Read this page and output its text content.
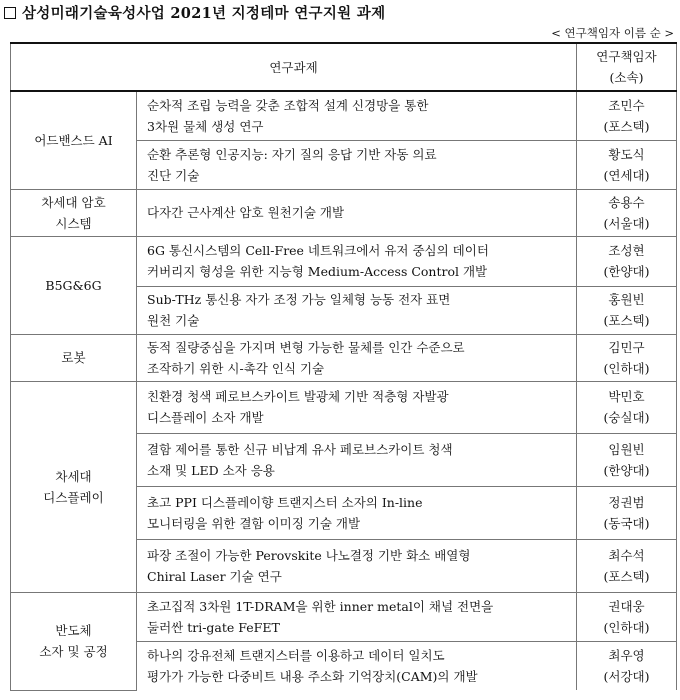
삼성미래기술육성사업 2021년 지정테마 연구지원 과제
< 연구책임자 이름 순 >
연구과제		연구책임자
(소속)

어드밴스드 AI	순차적 조립 능력을 갖춘 조합적 설계 신경망을 통한
3차원 물체 생성 연구	조민수
(포스텍)

	순환 추론형 인공지능: 자기 질의 응답 기반 자동 의료
진단 기술	황도식
(연세대)

차세대 암호
시스템	다자간 근사계산 암호 원천기술 개발	송용수
(서울대)

B5G&6G	6G 통신시스템의 Cell-Free 네트워크에서 유저 중심의 데이터
커버리지 형성을 위한 지능형 Medium-Access Control 개발	조성현
(한양대)

	Sub-THz 통신용 자가 조정 가능 일체형 능동 전자 표면
원천 기술	홍원빈
(포스텍)

로봇	동적 질량중심을 가지며 변형 가능한 물체를 인간 수준으로
조작하기 위한 시-촉각 인식 기술	김민구
(인하대)

차세대
디스플레이	친환경 청색 페로브스카이트 발광체 기반 적층형 자발광
디스플레이 소자 개발	박민호
(숭실대)

	결함 제어를 통한 신규 비납계 유사 페로브스카이트 청색
소재 및 LED 소자 응용	임원빈
(한양대)

	초고 PPI 디스플레이향 트랜지스터 소자의 In-line
모니터링을 위한 결함 이미징 기술 개발	정권범
(동국대)

	파장 조절이 가능한 Perovskite 나노결정 기반 화소 배열형
Chiral Laser 기술 연구	최수석
(포스텍)

반도체
소자 및 공정	초고집적 3차원 1T-DRAM을 위한 inner metal이 채널 전면을
둘러싼 tri-gate FeFET	권대웅
(인하대)

	하나의 강유전체 트랜지스터를 이용하고 데이터 일치도
평가가 가능한 다중비트 내용 주소화 기억장치(CAM)의 개발	최우영
(서강대)
